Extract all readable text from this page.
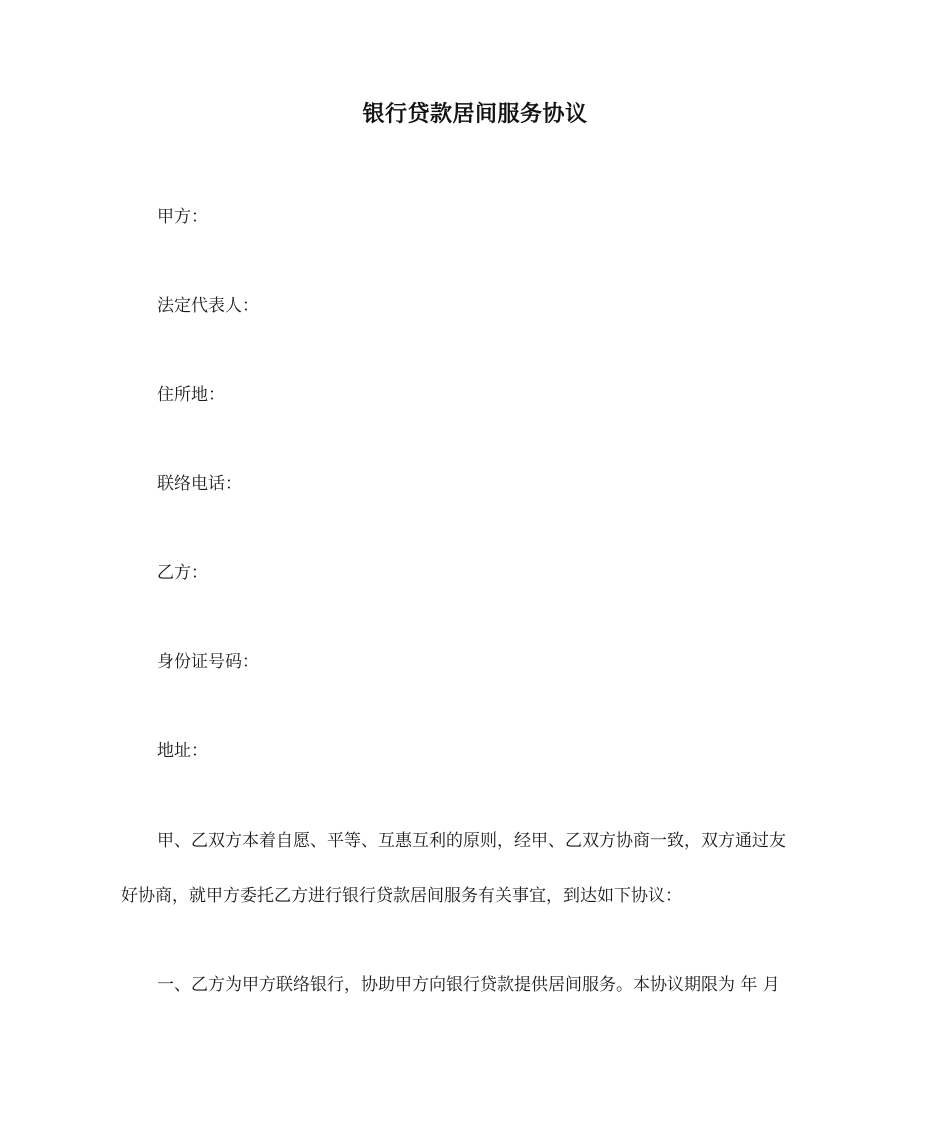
银行贷款居间服务协议
甲方：
法定代表人：
住所地：
联络电话：
乙方：
身份证号码：
地址：
甲、乙双方本着自愿、平等、互惠互利的原则，经甲、乙双方协商一致，双方通过友
好协商，就甲方委托乙方进行银行贷款居间服务有关事宜，到达如下协议：
一、乙方为甲方联络银行，协助甲方向银行贷款提供居间服务。本协议期限为 年 月
